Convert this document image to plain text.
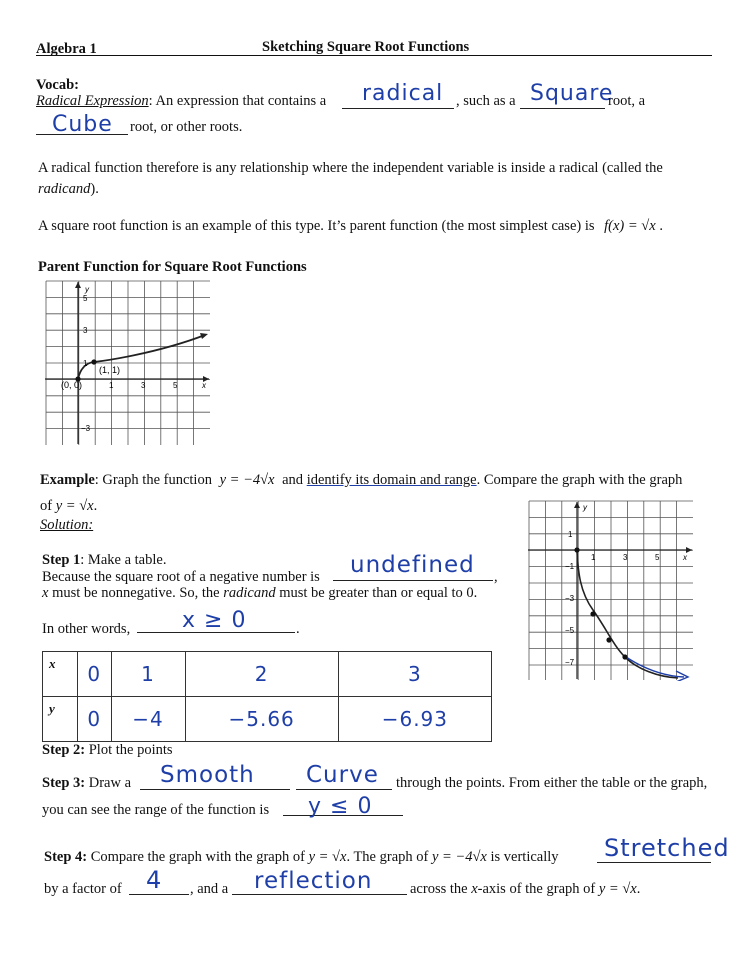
Algebra 1	Sketching Square Root Functions
Vocab:
Radical Expression: An expression that contains a radical , such as a Square
root, a
Cube root, or other roots.
A radical function therefore is any relationship where the independent variable is inside a radical (called the
radicand).
A square root function is an example of this type. It’s parent function (the most simplest case) is f(x) = √x .
Parent Function for Square Root Functions
y
x
1	3	5
5
3
1
−3
(0, 0)
(1, 1)
Example: Graph the function y = −4√x and identify its domain and range. Compare the graph with the graph
of y = √x.
Solution:
Step 1: Make a table.
Because the square root of a negative number is undefined ,
x must be nonnegative. So, the radicand must be greater than or equal to 0.
In other words, x ≥ 0	.
x	0	1	2	3
y	0	−4	−5.66	−6.93
y
x
1	3	5
1
−1
−3
−5
−7
Step 2: Plot the points
Step 3: Draw a Smooth Curve through the points. From either the table or the graph,
you can see the range of the function is y ≤ 0
Step 4: Compare the graph with the graph of y = √x. The graph of y = −4√x is vertically Stretched
by a factor of 4 , and a reflection	across the x-axis of the graph of y = √x.
